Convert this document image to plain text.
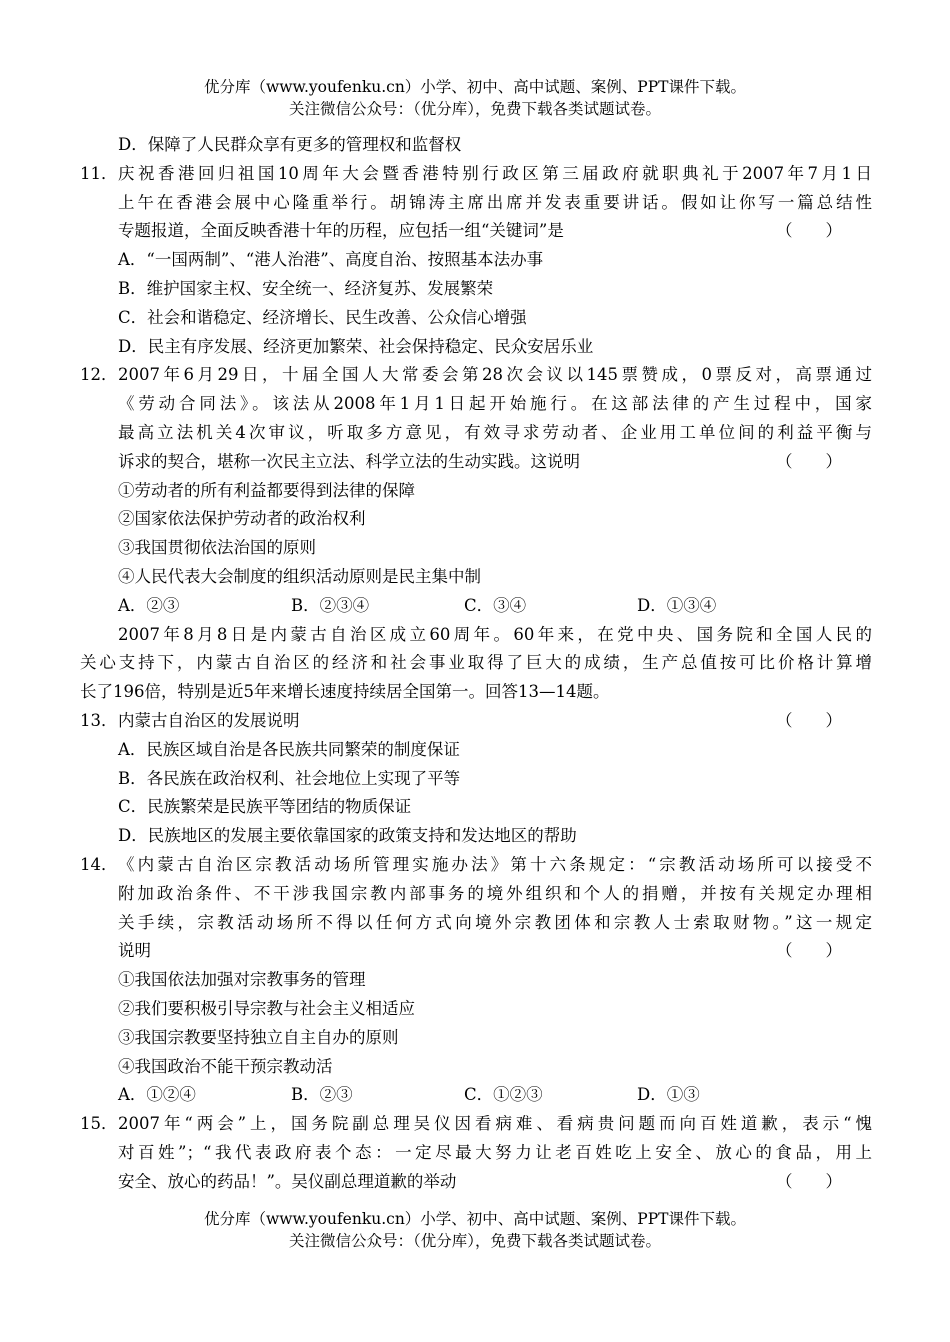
优分库（www.youfenku.cn）小学、初中、高中试题、案例、PPT课件下载。
关注微信公众号：（优分库），免费下载各类试题试卷。
D．保障了人民群众享有更多的管理权和监督权
11． 庆祝香港回归祖国10周年大会暨香港特别行政区第三届政府就职典礼于2007年7月1日
上午在香港会展中心隆重举行。胡锦涛主席出席并发表重要讲话。假如让你写一篇总结性
专题报道，全面反映香港十年的历程，应包括一组“关键词”是	（　　）
A．“一国两制”、“港人治港”、高度自治、按照基本法办事
B．维护国家主权、安全统一、经济复苏、发展繁荣
C．社会和谐稳定、经济增长、民生改善、公众信心增强
D．民主有序发展、经济更加繁荣、社会保持稳定、民众安居乐业
12． 2007年6月29日，十届全国人大常委会第28次会议以145票赞成，0票反对，高票通过
《劳动合同法》。该法从2008年1月1日起开始施行。在这部法律的产生过程中，国家
最高立法机关4次审议，听取多方意见，有效寻求劳动者、企业用工单位间的利益平衡与
诉求的契合，堪称一次民主立法、科学立法的生动实践。这说明	（　　）
①劳动者的所有利益都要得到法律的保障
②国家依法保护劳动者的政治权利
③我国贯彻依法治国的原则
④人民代表大会制度的组织活动原则是民主集中制
A．②③	B．②③④	C．③④	D．①③④
2007年8月8日是内蒙古自治区成立60周年。60年来，在党中央、国务院和全国人民的
关心支持下，内蒙古自治区的经济和社会事业取得了巨大的成绩，生产总值按可比价格计算增
长了196倍，特别是近5年来增长速度持续居全国第一。回答13—14题。
13． 内蒙古自治区的发展说明	（　　）
A．民族区域自治是各民族共同繁荣的制度保证
B．各民族在政治权利、社会地位上实现了平等
C．民族繁荣是民族平等团结的物质保证
D．民族地区的发展主要依靠国家的政策支持和发达地区的帮助
14． 《内蒙古自治区宗教活动场所管理实施办法》第十六条规定：“宗教活动场所可以接受不
附加政治条件、不干涉我国宗教内部事务的境外组织和个人的捐赠，并按有关规定办理相
关手续，宗教活动场所不得以任何方式向境外宗教团体和宗教人士索取财物。”这一规定
说明	（　　）
①我国依法加强对宗教事务的管理
②我们要积极引导宗教与社会主义相适应
③我国宗教要坚持独立自主自办的原则
④我国政治不能干预宗教动活
A．①②④	B．②③	C．①②③	D．①③
15． 2007年“两会”上，国务院副总理吴仪因看病难、看病贵问题而向百姓道歉，表示“愧
对百姓”；“我代表政府表个态：一定尽最大努力让老百姓吃上安全、放心的食品，用上
安全、放心的药品！”。吴仪副总理道歉的举动	（　　）
优分库（www.youfenku.cn）小学、初中、高中试题、案例、PPT课件下载。
关注微信公众号：（优分库），免费下载各类试题试卷。
